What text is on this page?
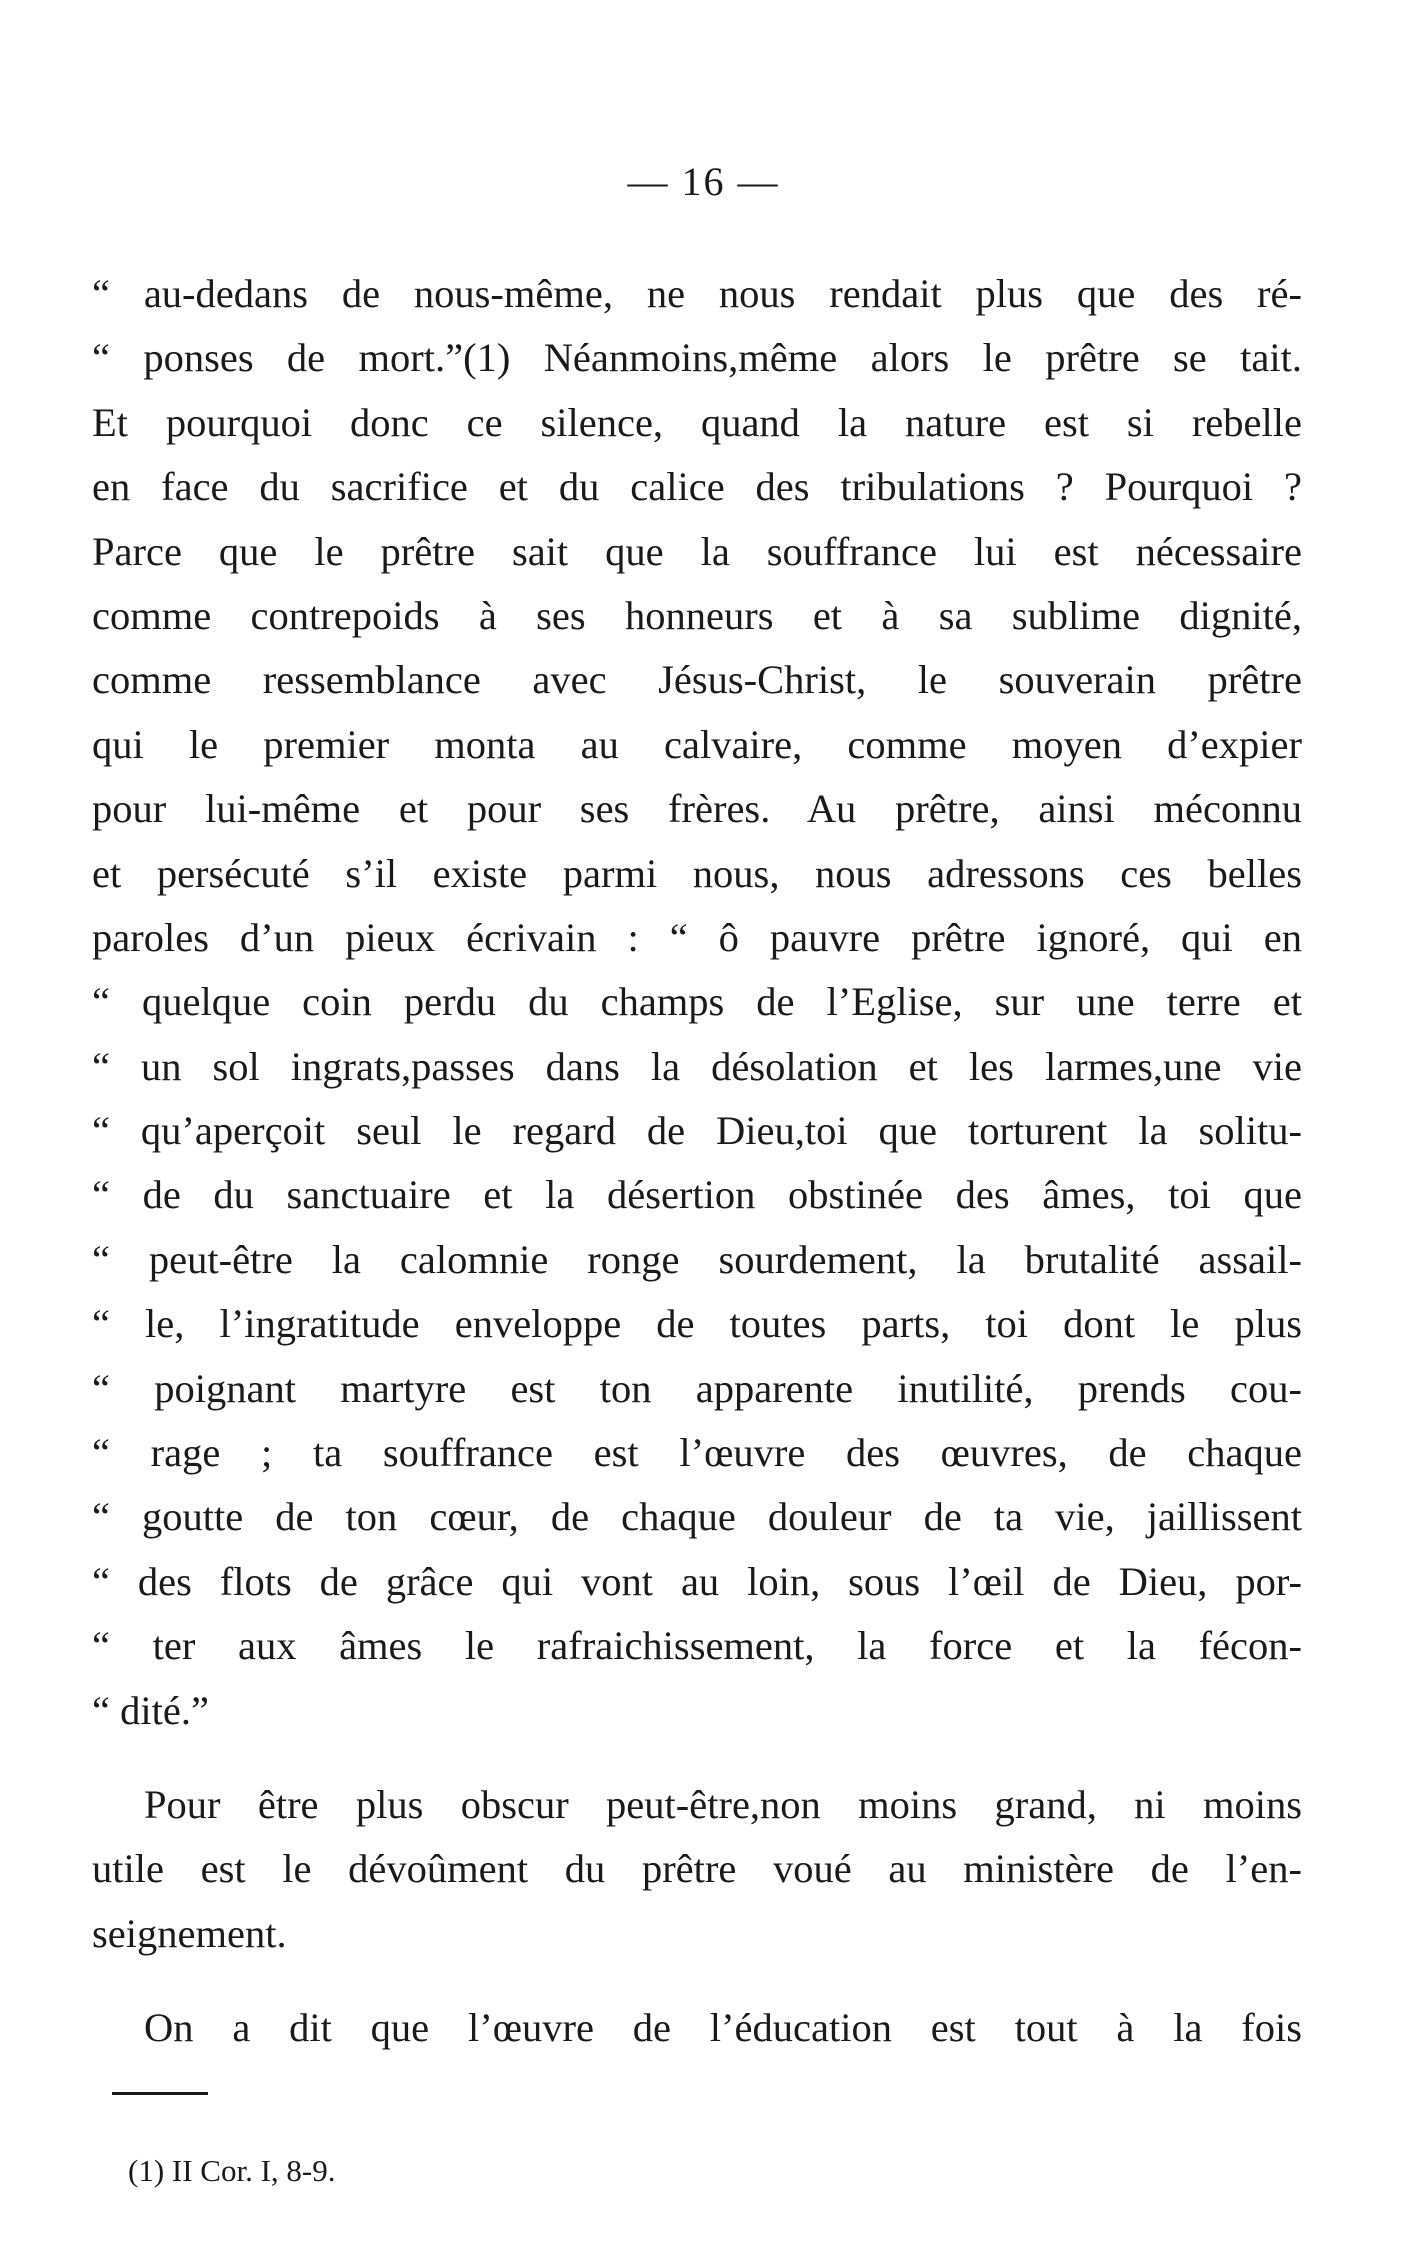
— 16 —
“ au-dedans de nous-même, ne nous rendait plus que des ré-
“ ponses de mort.”(1) Néanmoins,même alors le prêtre se tait.
Et pourquoi donc ce silence, quand la nature est si rebelle
en face du sacrifice et du calice des tribulations ? Pourquoi ?
Parce que le prêtre sait que la souffrance lui est nécessaire
comme contrepoids à ses honneurs et à sa sublime dignité,
comme ressemblance avec Jésus-Christ, le souverain prêtre
qui le premier monta au calvaire, comme moyen d’expier
pour lui-même et pour ses frères. Au prêtre, ainsi méconnu
et persécuté s’il existe parmi nous, nous adressons ces belles
paroles d’un pieux écrivain : “ ô pauvre prêtre ignoré, qui en
“ quelque coin perdu du champs de l’Eglise, sur une terre et
“ un sol ingrats,passes dans la désolation et les larmes,une vie
“ qu’aperçoit seul le regard de Dieu,toi que torturent la solitu-
“ de du sanctuaire et la désertion obstinée des âmes, toi que
“ peut-être la calomnie ronge sourdement, la brutalité assail-
“ le, l’ingratitude enveloppe de toutes parts, toi dont le plus
“ poignant martyre est ton apparente inutilité, prends cou-
“ rage ; ta souffrance est l’œuvre des œuvres, de chaque
“ goutte de ton cœur, de chaque douleur de ta vie, jaillissent
“ des flots de grâce qui vont au loin, sous l’œil de Dieu, por-
“ ter aux âmes le rafraichissement, la force et la fécon-
“ dité.”
Pour être plus obscur peut-être,non moins grand, ni moins
utile est le dévoûment du prêtre voué au ministère de l’en-
seignement.
On a dit que l’œuvre de l’éducation est tout à la fois
(1) II Cor. I, 8-9.
